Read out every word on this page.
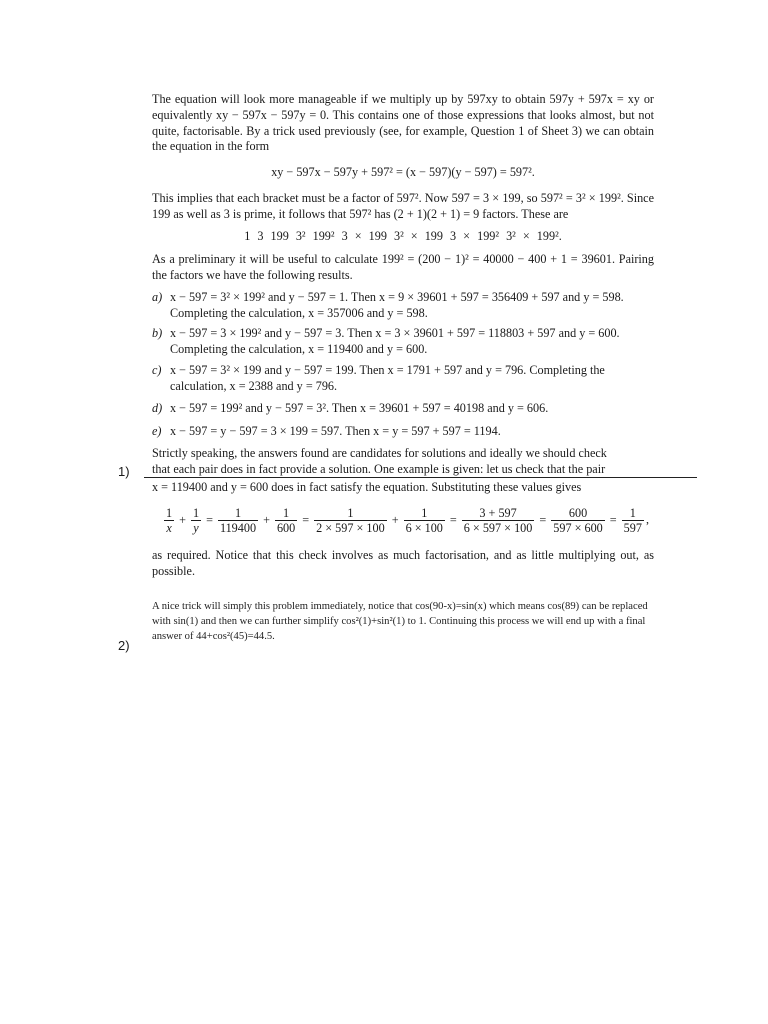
The equation will look more manageable if we multiply up by 597xy to obtain 597y + 597x = xy or equivalently xy − 597x − 597y = 0. This contains one of those expressions that looks almost, but not quite, factorisable. By a trick used previously (see, for example, Question 1 of Sheet 3) we can obtain the equation in the form
xy − 597x − 597y + 597² = (x − 597)(y − 597) = 597².
This implies that each bracket must be a factor of 597². Now 597 = 3 × 199, so 597² = 3² × 199². Since 199 as well as 3 is prime, it follows that 597² has (2 + 1)(2 + 1) = 9 factors. These are
1 3 199 3² 199² 3 × 199 3² × 199 3 × 199² 3² × 199².
As a preliminary it will be useful to calculate 199² = (200 − 1)² = 40000 − 400 + 1 = 39601. Pairing the factors we have the following results.
a) x − 597 = 3² × 199² and y − 597 = 1. Then x = 9 × 39601 + 597 = 356409 + 597 and y = 598. Completing the calculation, x = 357006 and y = 598.
b) x − 597 = 3 × 199² and y − 597 = 3. Then x = 3 × 39601 + 597 = 118803 + 597 and y = 600. Completing the calculation, x = 119400 and y = 600.
c) x − 597 = 3² × 199 and y − 597 = 199. Then x = 1791 + 597 and y = 796. Completing the calculation, x = 2388 and y = 796.
d) x − 597 = 199² and y − 597 = 3². Then x = 39601 + 597 = 40198 and y = 606.
e) x − 597 = y − 597 = 3 × 199 = 597. Then x = y = 597 + 597 = 1194.
Strictly speaking, the answers found are candidates for solutions and ideally we should check
that each pair does in fact provide a solution. One example is given: let us check that the pair
x = 119400 and y = 600 does in fact satisfy the equation. Substituting these values gives
1)
$\frac{1}{x} + \frac{1}{y} = \frac{1}{119400} + \frac{1}{600} = \frac{1}{2 \times 597 \times 100} + \frac{1}{6 \times 100} = \frac{3 + 597}{6 \times 597 \times 100} = \frac{600}{597 \times 600} = \frac{1}{597}$ ,
as required. Notice that this check involves as much factorisation, and as little multiplying out, as possible.
A nice trick will simply this problem immediately, notice that cos(90-x)=sin(x) which means cos(89) can be replaced with sin(1) and then we can further simplify cos²(1)+sin²(1) to 1. Continuing this process we will end up with a final answer of 44+cos²(45)=44.5.
2)
